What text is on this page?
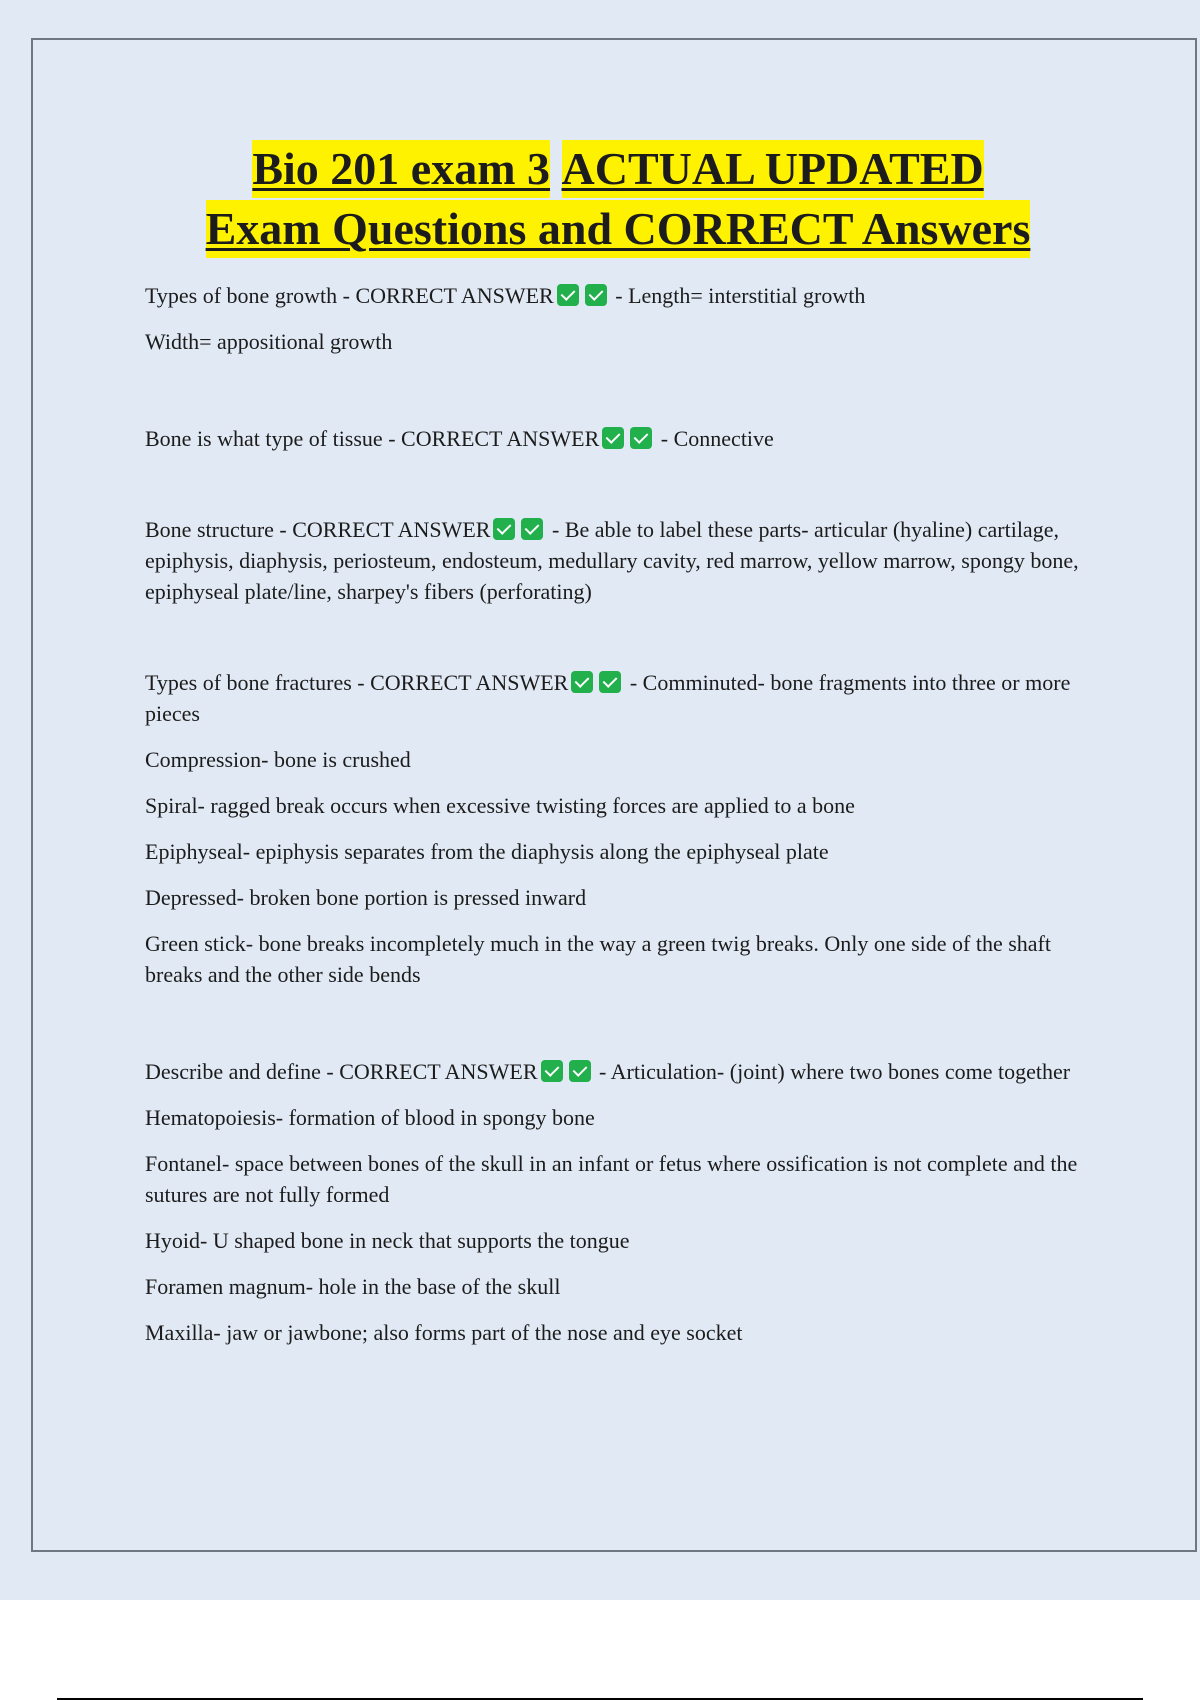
Bio 201 exam 3 ACTUAL UPDATED
Exam Questions and CORRECT Answers
Types of bone growth - CORRECT ANSWER	- Length= interstitial growth
Width= appositional growth
Bone is what type of tissue - CORRECT ANSWER	- Connective
Bone structure - CORRECT ANSWER	- Be able to label these parts- articular (hyaline) cartilage, epiphysis, diaphysis, periosteum, endosteum, medullary cavity, red marrow, yellow marrow, spongy bone, epiphyseal plate/line, sharpey's fibers (perforating)
Types of bone fractures - CORRECT ANSWER	- Comminuted- bone fragments into three or more pieces
Compression- bone is crushed
Spiral- ragged break occurs when excessive twisting forces are applied to a bone
Epiphyseal- epiphysis separates from the diaphysis along the epiphyseal plate
Depressed- broken bone portion is pressed inward
Green stick- bone breaks incompletely much in the way a green twig breaks. Only one side of the shaft breaks and the other side bends
Describe and define - CORRECT ANSWER	- Articulation- (joint) where two bones come together
Hematopoiesis- formation of blood in spongy bone
Fontanel- space between bones of the skull in an infant or fetus where ossification is not complete and the sutures are not fully formed
Hyoid- U shaped bone in neck that supports the tongue
Foramen magnum- hole in the base of the skull
Maxilla- jaw or jawbone; also forms part of the nose and eye socket
